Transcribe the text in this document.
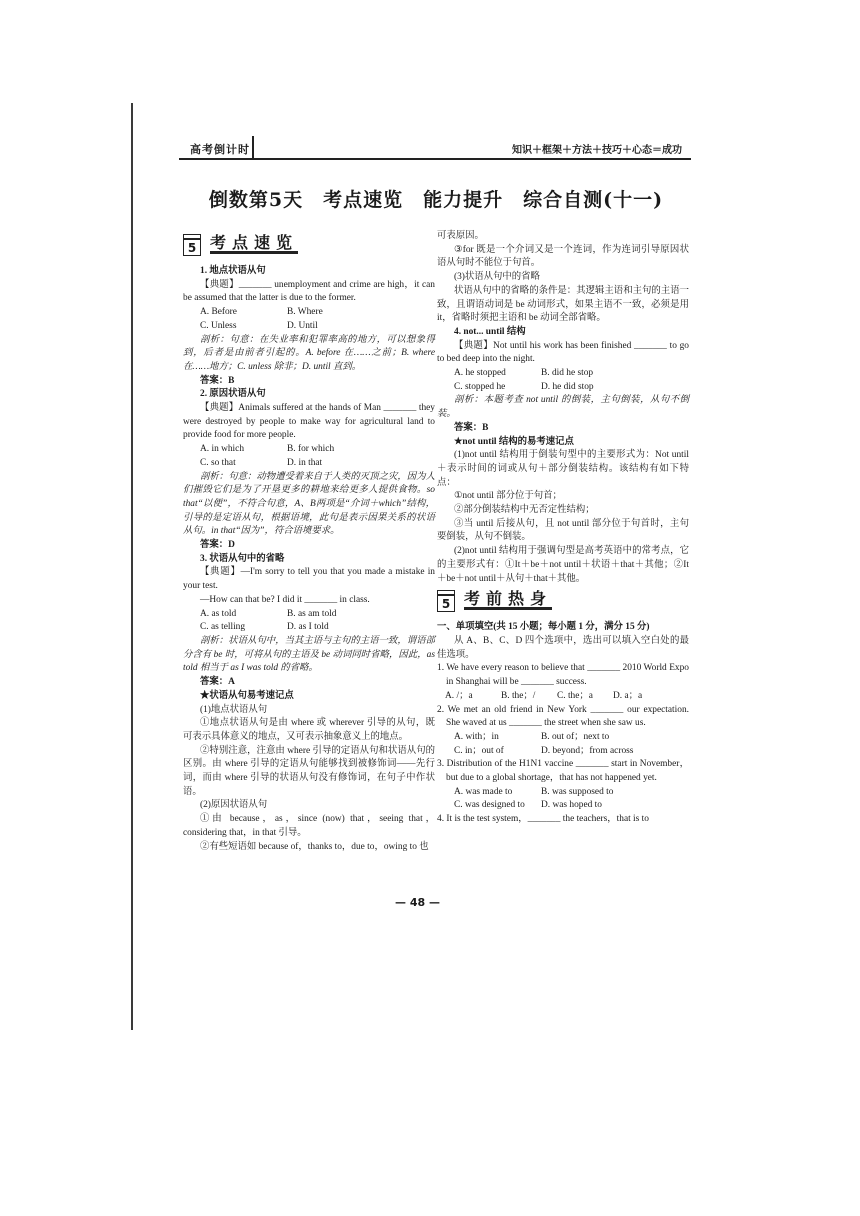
高考倒计时	知识＋框架＋方法＋技巧＋心态＝成功
倒数第5天　考点速览　能力提升　综合自测(十一)
5 考点速览

1. 地点状语从句

【典题】_______ unemployment and crime are high，it can be assumed that the latter is due to the former.

A. Before	B. Where
C. Unless	D. Until

剖析：句意：在失业率和犯罪率高的地方，可以想象得到，后者是由前者引起的。A. before 在……之前；B. where 在……地方；C. unless 除非；D. until 直到。

答案：B

2. 原因状语从句

【典题】Animals suffered at the hands of Man _______ they were destroyed by people to make way for agricultural land to provide food for more people.

A. in which	B. for which
C. so that	D. in that

剖析：句意：动物遭受着来自于人类的灭顶之灾，因为人们摧毁它们是为了开垦更多的耕地来给更多人提供食物。so that“以便”，不符合句意，A、B两项是“介词＋which”结构，引导的是定语从句，根据语境，此句是表示因果关系的状语从句。in that“因为”，符合语境要求。

答案：D

3. 状语从句中的省略

【典题】—I'm sorry to tell you that you made a mistake in your test.

—How can that be? I did it _______ in class.

A. as told	B. as am told
C. as telling	D. as I told

剖析：状语从句中，当其主语与主句的主语一致，谓语部分含有 be 时，可将从句的主语及 be 动词同时省略，因此，as told 相当于 as I was told 的省略。

答案：A

★状语从句易考速记点

(1)地点状语从句

①地点状语从句是由 where 或 wherever 引导的从句，既可表示具体意义的地点，又可表示抽象意义上的地点。

②特别注意，注意由 where 引导的定语从句和状语从句的区别。由 where 引导的定语从句能够找到被修饰词——先行词，而由 where 引导的状语从句没有修饰词，在句子中作状语。

(2)原因状语从句

①由 because，as，since (now) that，seeing that，considering that，in that 引导。

②有些短语如 because of，thanks to，due to，owing to 也

可表原因。

③for 既是一个介词又是一个连词，作为连词引导原因状语从句时不能位于句首。

(3)状语从句中的省略

状语从句中的省略的条件是：其逻辑主语和主句的主语一致，且谓语动词是 be 动词形式，如果主语不一致，必须是用 it，省略时须把主语和 be 动词全部省略。

4. not... until 结构

【典题】Not until his work has been finished _______ to go to bed deep into the night.

A. he stopped	B. did he stop
C. stopped he	D. he did stop

剖析：本题考查 not until 的倒装，主句倒装，从句不倒装。

答案：B

★not until 结构的易考速记点

(1)not until 结构用于倒装句型中的主要形式为：Not until＋表示时间的词或从句＋部分倒装结构。该结构有如下特点：

①not until 部分位于句首；

②部分倒装结构中无否定性结构；

③当 until 后接从句，且 not until 部分位于句首时，主句要倒装，从句不倒装。

(2)not until 结构用于强调句型是高考英语中的常考点，它的主要形式有：①It＋be＋not until＋状语＋that＋其他；②It＋be＋not until＋从句＋that＋其他。

5 考前热身

一、单项填空(共 15 小题；每小题 1 分，满分 15 分)

从 A、B、C、D 四个选项中，选出可以填入空白处的最佳选项。

1. We have every reason to believe that _______ 2010 World Expo in Shanghai will be _______ success.

A. /；a	B. the；/	C. the；a	D. a；a

2. We met an old friend in New York _______ our expectation. She waved at us _______ the street when she saw us.

A. with；in	B. out of；next to
C. in；out of	D. beyond；from across

3. Distribution of the H1N1 vaccine _______ start in November，but due to a global shortage，that has not happened yet.

A. was made to	B. was supposed to
C. was designed to	D. was hoped to

4. It is the test system，_______ the teachers，that is to

— 48 —
